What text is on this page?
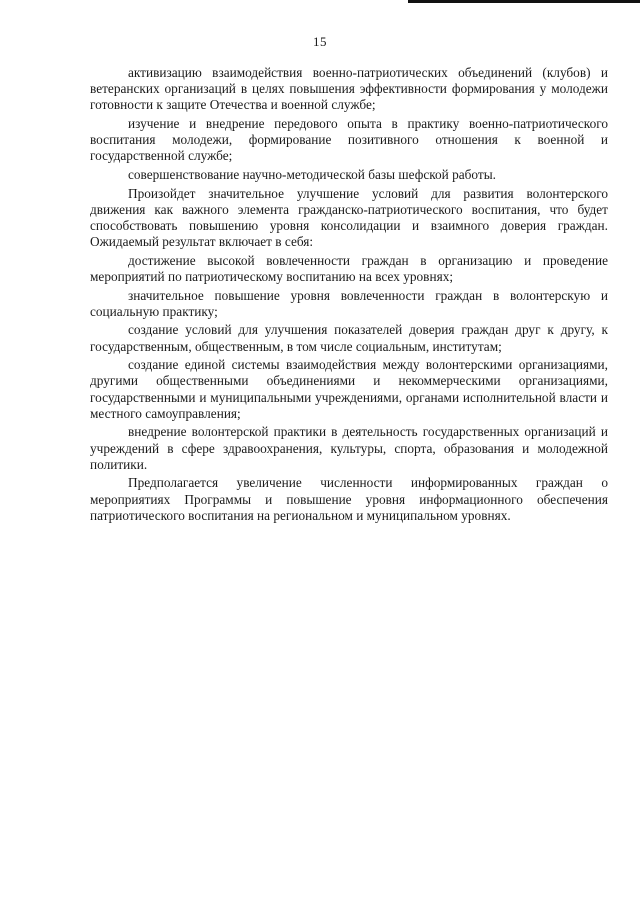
15

активизацию взаимодействия военно-патриотических объединений (клубов) и ветеранских организаций в целях повышения эффективности формирования у молодежи готовности к защите Отечества и военной службе;

изучение и внедрение передового опыта в практику военно-патриотического воспитания молодежи, формирование позитивного отношения к военной и государственной службе;

совершенствование научно-методической базы шефской работы.

Произойдет значительное улучшение условий для развития волонтерского движения как важного элемента гражданско-патриотического воспитания, что будет способствовать повышению уровня консолидации и взаимного доверия граждан. Ожидаемый результат включает в себя:

достижение высокой вовлеченности граждан в организацию и проведение мероприятий по патриотическому воспитанию на всех уровнях;

значительное повышение уровня вовлеченности граждан в волонтерскую и социальную практику;

создание условий для улучшения показателей доверия граждан друг к другу, к государственным, общественным, в том числе социальным, институтам;

создание единой системы взаимодействия между волонтерскими организациями, другими общественными объединениями и некоммерческими организациями, государственными и муниципальными учреждениями, органами исполнительной власти и местного самоуправления;

внедрение волонтерской практики в деятельность государственных организаций и учреждений в сфере здравоохранения, культуры, спорта, образования и молодежной политики.

Предполагается увеличение численности информированных граждан о мероприятиях Программы и повышение уровня информационного обеспечения патриотического воспитания на региональном и муниципальном уровнях.
